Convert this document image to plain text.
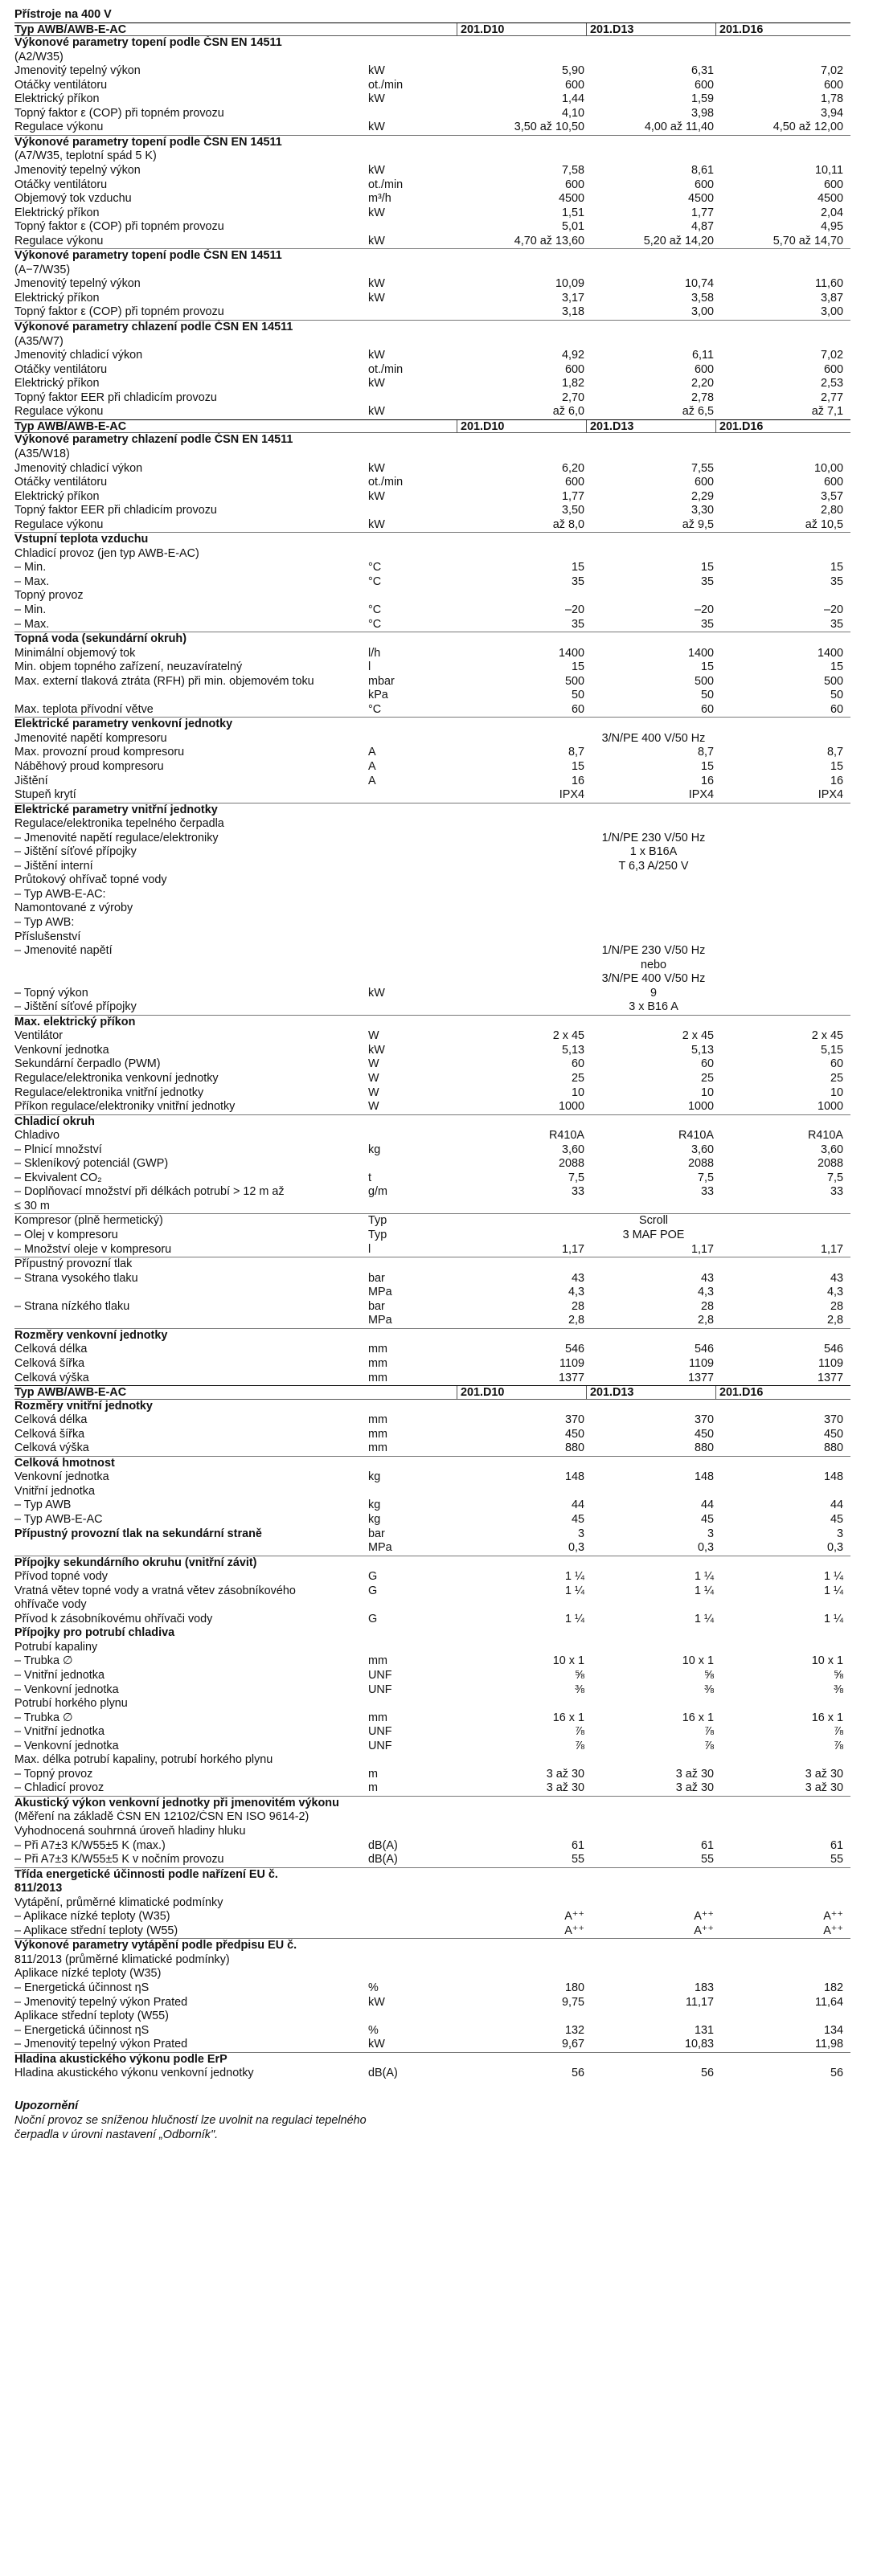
Přístroje na 400 V
Typ AWB/AWB-E-AC	201.D10	201.D13	201.D16
Výkonové parametry topení podle ČSN EN 14511
(A2/W35)
Jmenovitý tepelný výkon	kW	5,90	6,31	7,02
Otáčky ventilátoru	ot./min	600	600	600
Elektrický příkon	kW	1,44	1,59	1,78
Topný faktor ε (COP) při topném provozu	4,10	3,98	3,94
Regulace výkonu	kW	3,50 až 10,50	4,00 až 11,40	4,50 až 12,00
Výkonové parametry topení podle ČSN EN 14511
(A7/W35, teplotní spád 5 K)
Jmenovitý tepelný výkon	kW	7,58	8,61	10,11
Otáčky ventilátoru	ot./min	600	600	600
Objemový tok vzduchu	m³/h	4500	4500	4500
Elektrický příkon	kW	1,51	1,77	2,04
Topný faktor ε (COP) při topném provozu	5,01	4,87	4,95
Regulace výkonu	kW	4,70 až 13,60	5,20 až 14,20	5,70 až 14,70
Výkonové parametry topení podle ČSN EN 14511
(A−7/W35)
Jmenovitý tepelný výkon	kW	10,09	10,74	11,60
Elektrický příkon	kW	3,17	3,58	3,87
Topný faktor ε (COP) při topném provozu	3,18	3,00	3,00
Výkonové parametry chlazení podle ČSN EN 14511
(A35/W7)
Jmenovitý chladicí výkon	kW	4,92	6,11	7,02
Otáčky ventilátoru	ot./min	600	600	600
Elektrický příkon	kW	1,82	2,20	2,53
Topný faktor EER při chladicím provozu	2,70	2,78	2,77
Regulace výkonu	kW	až 6,0	až 6,5	až 7,1
Typ AWB/AWB-E-AC	201.D10	201.D13	201.D16
Výkonové parametry chlazení podle ČSN EN 14511
(A35/W18)
Jmenovitý chladicí výkon	kW	6,20	7,55	10,00
Otáčky ventilátoru	ot./min	600	600	600
Elektrický příkon	kW	1,77	2,29	3,57
Topný faktor EER při chladicím provozu	3,50	3,30	2,80
Regulace výkonu	kW	až 8,0	až 9,5	až 10,5
Vstupní teplota vzduchu
Chladicí provoz (jen typ AWB-E-AC)
– Min.	°C	15	15	15
– Max.	°C	35	35	35
Topný provoz
– Min.	°C	–20	–20	–20
– Max.	°C	35	35	35
Topná voda (sekundární okruh)
Minimální objemový tok	l/h	1400	1400	1400
Min. objem topného zařízení, neuzavíratelný	l	15	15	15
Max. externí tlaková ztráta (RFH) při min. objemovém toku	mbar	500	500	500
kPa	50	50	50
Max. teplota přívodní větve	°C	60	60	60
Elektrické parametry venkovní jednotky
Jmenovité napětí kompresoru	3/N/PE 400 V/50 Hz
Max. provozní proud kompresoru	A	8,7	8,7	8,7
Náběhový proud kompresoru	A	15	15	15
Jištění	A	16	16	16
Stupeň krytí	IPX4	IPX4	IPX4
Elektrické parametry vnitřní jednotky
Regulace/elektronika tepelného čerpadla
– Jmenovité napětí regulace/elektroniky	1/N/PE 230 V/50 Hz
– Jištění síťové přípojky	1 x B16A
– Jištění interní	T 6,3 A/250 V
Průtokový ohřívač topné vody
– Typ AWB-E-AC:
Namontované z výroby
– Typ AWB:
Příslušenství
– Jmenovité napětí	1/N/PE 230 V/50 Hz
nebo
3/N/PE 400 V/50 Hz
– Topný výkon	kW	9
– Jištění síťové přípojky	3 x B16 A
Max. elektrický příkon
Ventilátor	W	2 x 45	2 x 45	2 x 45
Venkovní jednotka	kW	5,13	5,13	5,15
Sekundární čerpadlo (PWM)	W	60	60	60
Regulace/elektronika venkovní jednotky	W	25	25	25
Regulace/elektronika vnitřní jednotky	W	10	10	10
Příkon regulace/elektroniky vnitřní jednotky	W	1000	1000	1000
Chladicí okruh
Chladivo	R410A	R410A	R410A
– Plnicí množství	kg	3,60	3,60	3,60
– Skleníkový potenciál (GWP)	2088	2088	2088
– Ekvivalent CO₂	t	7,5	7,5	7,5
– Doplňovací množství při délkách potrubí > 12 m až	g/m	33	33	33
≤ 30 m
Kompresor (plně hermetický)	Typ	Scroll
– Olej v kompresoru	Typ	3 MAF POE
– Množství oleje v kompresoru	l	1,17	1,17	1,17
Přípustný provozní tlak
– Strana vysokého tlaku	bar	43	43	43
MPa	4,3	4,3	4,3
– Strana nízkého tlaku	bar	28	28	28
MPa	2,8	2,8	2,8
Rozměry venkovní jednotky
Celková délka	mm	546	546	546
Celková šířka	mm	1109	1109	1109
Celková výška	mm	1377	1377	1377
Typ AWB/AWB-E-AC	201.D10	201.D13	201.D16
Rozměry vnitřní jednotky
Celková délka	mm	370	370	370
Celková šířka	mm	450	450	450
Celková výška	mm	880	880	880
Celková hmotnost
Venkovní jednotka	kg	148	148	148
Vnitřní jednotka
– Typ AWB	kg	44	44	44
– Typ AWB-E-AC	kg	45	45	45
Přípustný provozní tlak na sekundární straně	bar	3	3	3
MPa	0,3	0,3	0,3
Přípojky sekundárního okruhu (vnitřní závit)
Přívod topné vody	G	1 ¼	1 ¼	1 ¼
Vratná větev topné vody a vratná větev zásobníkového	G	1 ¼	1 ¼	1 ¼
ohřívače vody
Přívod k zásobníkovému ohřívači vody	G	1 ¼	1 ¼	1 ¼
Přípojky pro potrubí chladiva
Potrubí kapaliny
– Trubka ∅	mm	10 x 1	10 x 1	10 x 1
– Vnitřní jednotka	UNF	⅝	⅝	⅝
– Venkovní jednotka	UNF	⅜	⅜	⅜
Potrubí horkého plynu
– Trubka ∅	mm	16 x 1	16 x 1	16 x 1
– Vnitřní jednotka	UNF	⅞	⅞	⅞
– Venkovní jednotka	UNF	⅞	⅞	⅞
Max. délka potrubí kapaliny, potrubí horkého plynu
– Topný provoz	m	3 až 30	3 až 30	3 až 30
– Chladicí provoz	m	3 až 30	3 až 30	3 až 30
Akustický výkon venkovní jednotky při jmenovitém výkonu
(Měření na základě ČSN EN 12102/ČSN EN ISO 9614-2)
Vyhodnocená souhrnná úroveň hladiny hluku
– Při A7±3 K/W55±5 K (max.)	dB(A)	61	61	61
– Při A7±3 K/W55±5 K v nočním provozu	dB(A)	55	55	55
Třída energetické účinnosti podle nařízení EU č.
811/2013
Vytápění, průměrné klimatické podmínky
– Aplikace nízké teploty (W35)	A⁺⁺	A⁺⁺	A⁺⁺
– Aplikace střední teploty (W55)	A⁺⁺	A⁺⁺	A⁺⁺
Výkonové parametry vytápění podle předpisu EU č.
811/2013 (průměrné klimatické podmínky)
Aplikace nízké teploty (W35)
– Energetická účinnost ηS	%	180	183	182
– Jmenovitý tepelný výkon Prated	kW	9,75	11,17	11,64
Aplikace střední teploty (W55)
– Energetická účinnost ηS	%	132	131	134
– Jmenovitý tepelný výkon Prated	kW	9,67	10,83	11,98
Hladina akustického výkonu podle ErP
Hladina akustického výkonu venkovní jednotky	dB(A)	56	56	56
Upozornění
Noční provoz se sníženou hlučností lze uvolnit na regulaci tepelného
čerpadla v úrovni nastavení „Odborník".
